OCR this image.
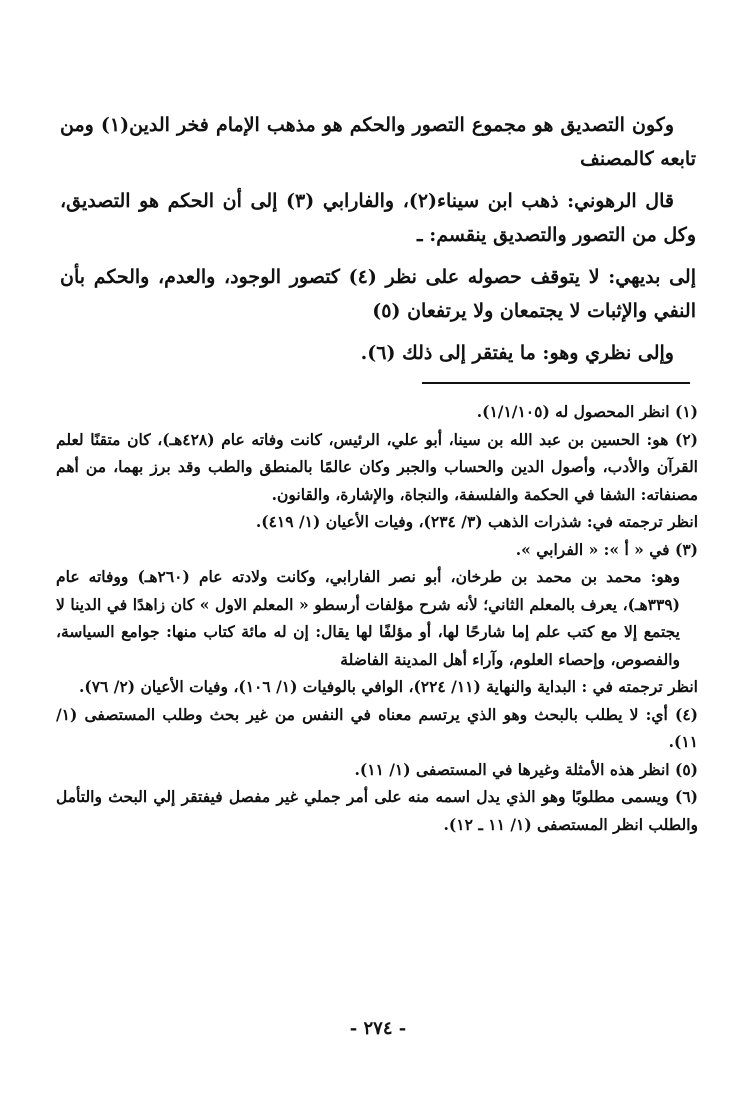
وكون التصديق هو مجموع التصور والحكم هو مذهب الإمام فخر الدين(١) ومن تابعه كالمصنف

قال الرهوني: ذهب ابن سيناء(٢)، والفارابي (٣) إلى أن الحكم هو التصديق، وكل من التصور والتصديق ينقسم: ـ

إلى بديهي: لا يتوقف حصوله على نظر (٤) كتصور الوجود، والعدم، والحكم بأن النفي والإثبات لا يجتمعان ولا يرتفعان (٥)

وإلى نظري وهو: ما يفتقر إلى ذلك (٦).

(١) انظر المحصول له (١/١/١٠٥).

(٢) هو: الحسين بن عبد الله بن سينا، أبو علي، الرئيس، كانت وفاته عام (٤٢٨هـ)، كان متقنًا لعلم القرآن والأدب، وأصول الدين والحساب والجبر وكان عالمًا بالمنطق والطب وقد برز بهما، من أهم مصنفاته: الشفا في الحكمة والفلسفة، والنجاة، والإشارة، والقانون.

انظر ترجمته في: شذرات الذهب (٣/ ٢٣٤)، وفيات الأعيان (١/ ٤١٩).

(٣) في « أ »: « الفرابي ».

وهو: محمد بن محمد بن طرخان، أبو نصر الفارابي، وكانت ولادته عام (٢٦٠هـ) ووفاته عام (٣٣٩هـ)، يعرف بالمعلم الثاني؛ لأنه شرح مؤلفات أرسطو « المعلم الاول » كان زاهدًا في الدينا لا يجتمع إلا مع كتب علم إما شارحًا لها، أو مؤلفًا لها يقال: إن له مائة كتاب منها: جوامع السياسة، والفصوص، وإحصاء العلوم، وآراء أهل المدينة الفاضلة

انظر ترجمته في : البداية والنهاية (١١/ ٢٢٤)، الوافي بالوفيات (١/ ١٠٦)، وفيات الأعيان (٢/ ٧٦).

(٤) أي: لا يطلب بالبحث وهو الذي يرتسم معناه في النفس من غير بحث وطلب المستصفى (١/ ١١).

(٥) انظر هذه الأمثلة وغيرها في المستصفى (١/ ١١).

(٦) ويسمى مطلوبًا وهو الذي يدل اسمه منه على أمر جملي غير مفصل فيفتقر إلي البحث والتأمل والطلب انظر المستصفى (١/ ١١ ـ ١٢).

- ٢٧٤ -
